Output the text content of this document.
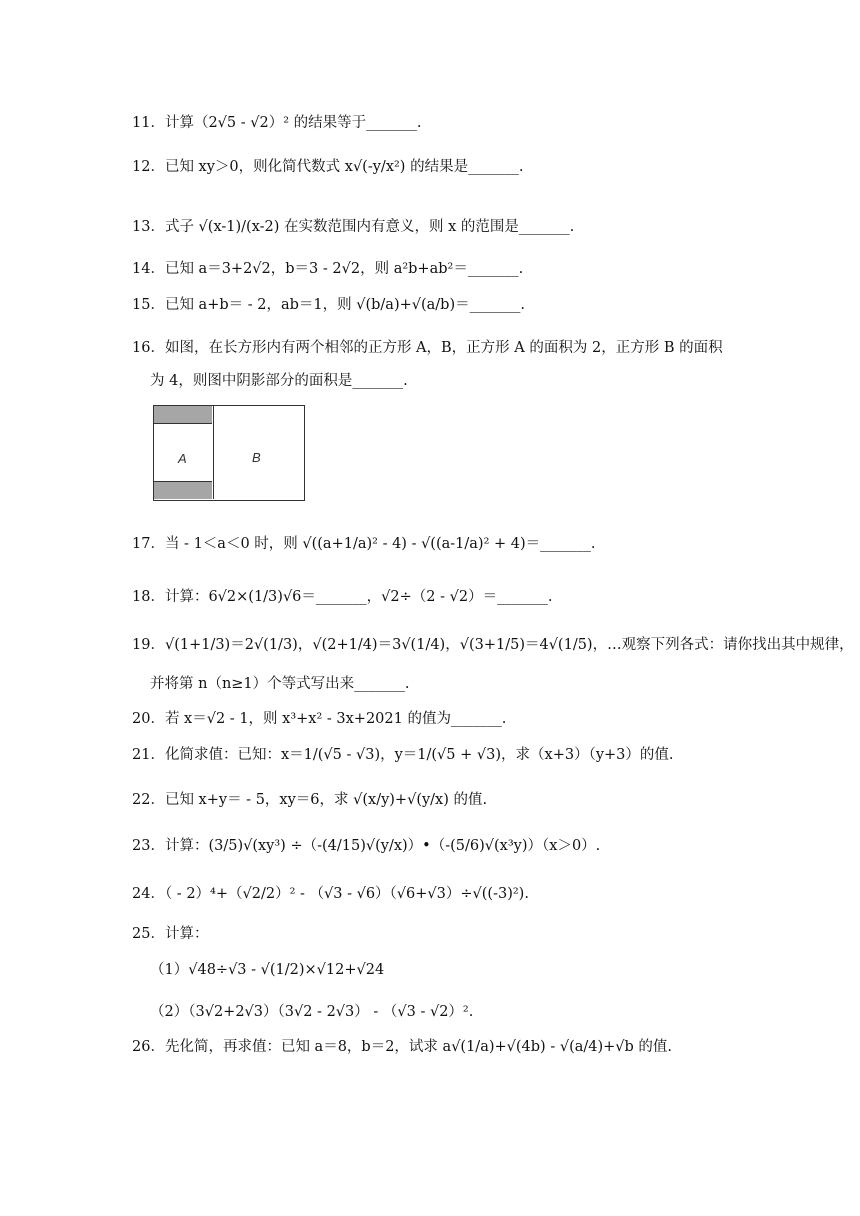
11．计算（2√5 - √2）² 的结果等于_______.
12．已知 xy＞0，则化简代数式 x√(-y/x²) 的结果是_______.
13．式子 √(x-1)/(x-2) 在实数范围内有意义，则 x 的范围是_______.
14．已知 a＝3+2√2，b＝3 - 2√2，则 a²b+ab²＝_______.
15．已知 a+b＝ - 2，ab＝1，则 √(b/a)+√(a/b)＝_______.
16．如图，在长方形内有两个相邻的正方形 A，B，正方形 A 的面积为 2，正方形 B 的面积
为 4，则图中阴影部分的面积是_______.
A	B
17．当 - 1＜a＜0 时，则 √((a+1/a)² - 4) - √((a-1/a)² + 4)＝_______.
18．计算：6√2×(1/3)√6＝_______，√2÷（2 - √2）＝_______.
19．√(1+1/3)＝2√(1/3)，√(2+1/4)＝3√(1/4)，√(3+1/5)＝4√(1/5)，…观察下列各式：请你找出其中规律，
并将第 n（n≥1）个等式写出来_______.
20．若 x＝√2 - 1，则 x³+x² - 3x+2021 的值为_______.
21．化简求值：已知：x＝1/(√5 - √3)，y＝1/(√5 + √3)，求（x+3）（y+3）的值.
22．已知 x+y＝ - 5，xy＝6，求 √(x/y)+√(y/x) 的值.
23．计算：(3/5)√(xy³) ÷（-(4/15)√(y/x)）•（-(5/6)√(x³y)）（x＞0）.
24．（ - 2）⁴+（√2/2）² - （√3 - √6）（√6+√3）÷√((-3)²).
25．计算：
（1）√48÷√3 - √(1/2)×√12+√24
（2）（3√2+2√3）（3√2 - 2√3） - （√3 - √2）².
26．先化简，再求值：已知 a＝8，b＝2，试求 a√(1/a)+√(4b) - √(a/4)+√b 的值.
